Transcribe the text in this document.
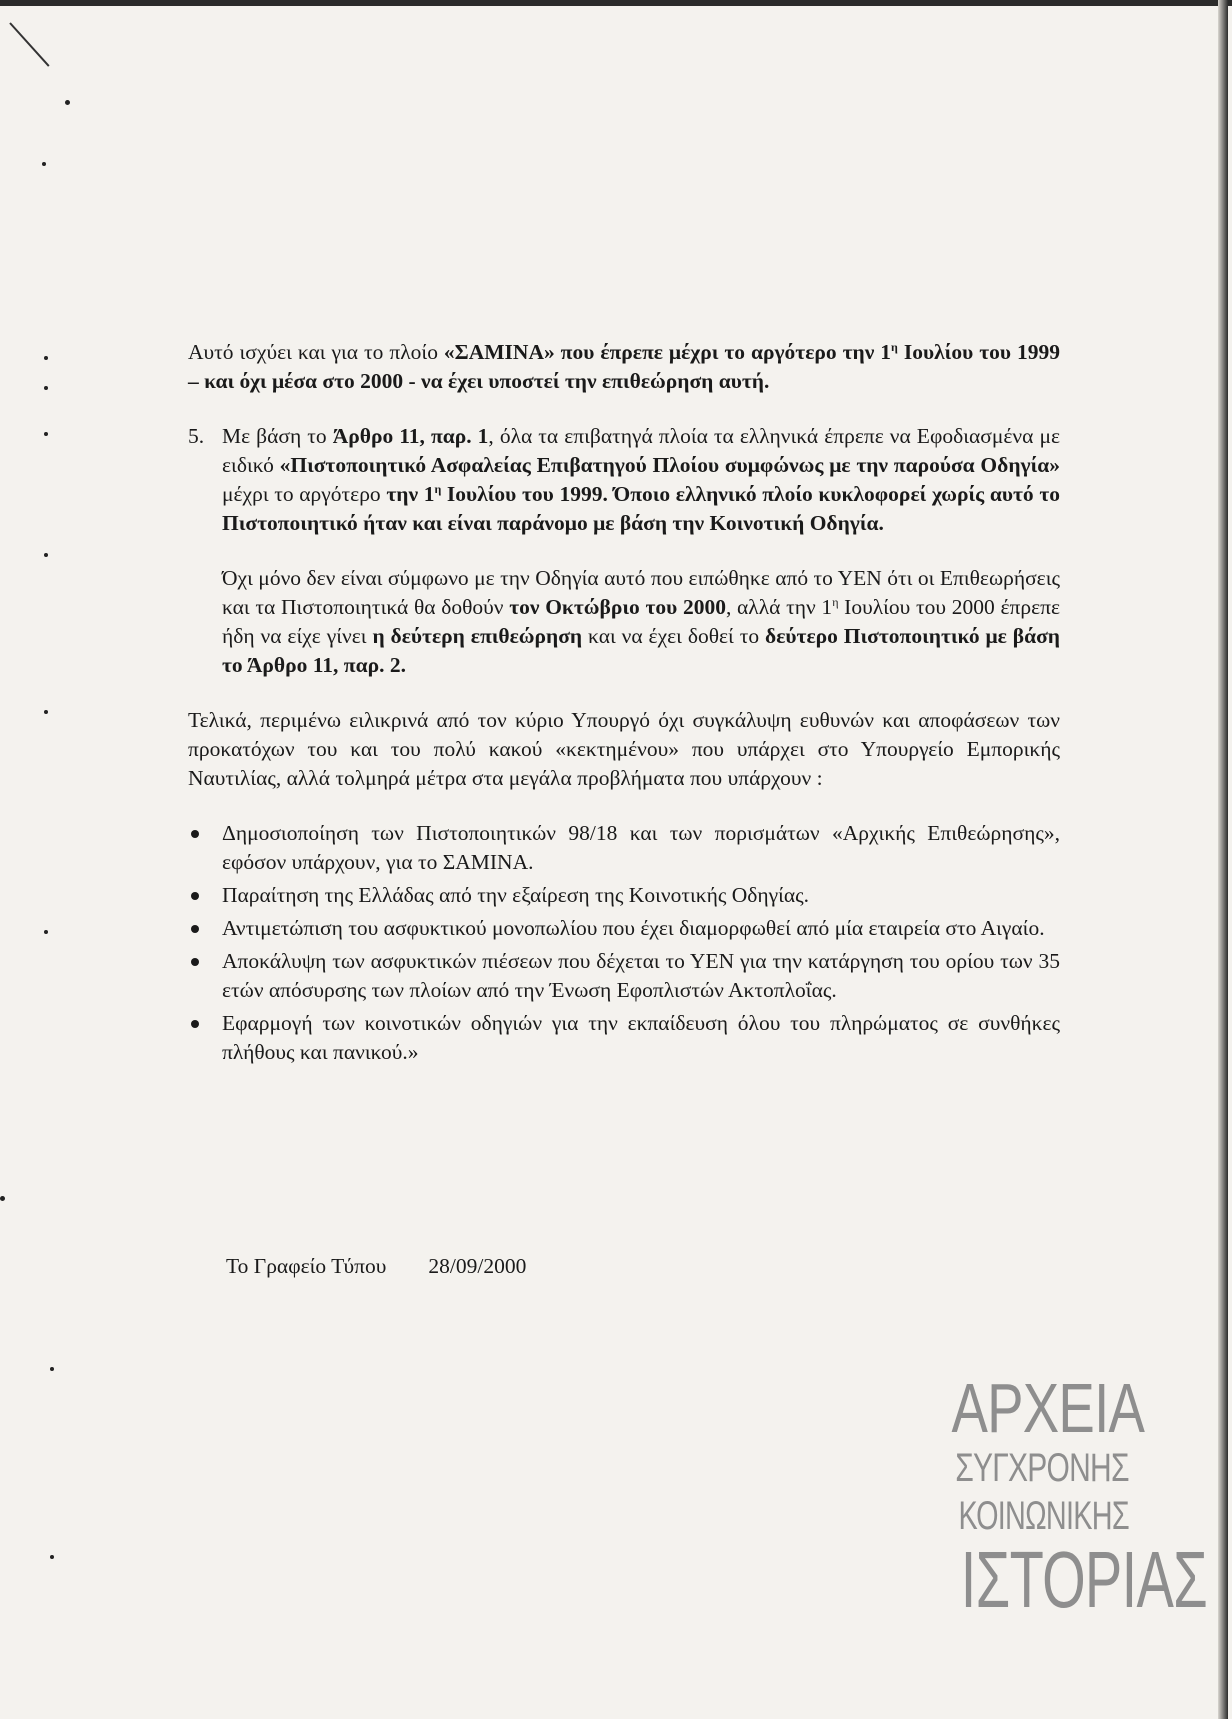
Αυτό ισχύει και για το πλοίο «ΣΑΜΙΝΑ» που έπρεπε μέχρι το αργότερο την $1^\eta$ Ιουλίου του 1999 – και όχι μέσα στο 2000 - να έχει υποστεί την επιθεώρηση αυτή.

5. Με βάση το Άρθρο 11, παρ. 1, όλα τα επιβατηγά πλοία τα ελληνικά έπρεπε να Εφοδιασμένα με ειδικό «Πιστοποιητικό Ασφαλείας Επιβατηγού Πλοίου συμφώνως με την παρούσα Οδηγία» μέχρι το αργότερο την $1^\eta$ Ιουλίου του 1999. Όποιο ελληνικό πλοίο κυκλοφορεί χωρίς αυτό το Πιστοποιητικό ήταν και είναι παράνομο με βάση την Κοινοτική Οδηγία.

Όχι μόνο δεν είναι σύμφωνο με την Οδηγία αυτό που ειπώθηκε από το ΥΕΝ ότι οι Επιθεωρήσεις και τα Πιστοποιητικά θα δοθούν τον Οκτώβριο του 2000, αλλά την $1^\eta$ Ιουλίου του 2000 έπρεπε ήδη να είχε γίνει η δεύτερη επιθεώρηση και να έχει δοθεί το δεύτερο Πιστοποιητικό με βάση το Άρθρο 11, παρ. 2.

Τελικά, περιμένω ειλικρινά από τον κύριο Υπουργό όχι συγκάλυψη ευθυνών και αποφάσεων των προκατόχων του και του πολύ κακού «κεκτημένου» που υπάρχει στο Υπουργείο Εμπορικής Ναυτιλίας, αλλά τολμηρά μέτρα στα μεγάλα προβλήματα που υπάρχουν :

Δημοσιοποίηση των Πιστοποιητικών 98/18 και των πορισμάτων «Αρχικής Επιθεώρησης», εφόσον υπάρχουν, για το ΣΑΜΙΝΑ.
Παραίτηση της Ελλάδας από την εξαίρεση της Κοινοτικής Οδηγίας.
Αντιμετώπιση του ασφυκτικού μονοπωλίου που έχει διαμορφωθεί από μία εταιρεία στο Αιγαίο.
Αποκάλυψη των ασφυκτικών πιέσεων που δέχεται το ΥΕΝ για την κατάργηση του ορίου των 35 ετών απόσυρσης των πλοίων από την Ένωση Εφοπλιστών Ακτοπλοΐας.
Εφαρμογή των κοινοτικών οδηγιών για την εκπαίδευση όλου του πληρώματος σε συνθήκες πλήθους και πανικού.»
Το Γραφείο Τύπου 28/09/2000
ΑΡΧΕΙΑ
ΣΥΓΧΡΟΝΗΣ
ΚΟΙΝΩΝΙΚΗΣ
ΙΣΤΟΡΙΑΣ
